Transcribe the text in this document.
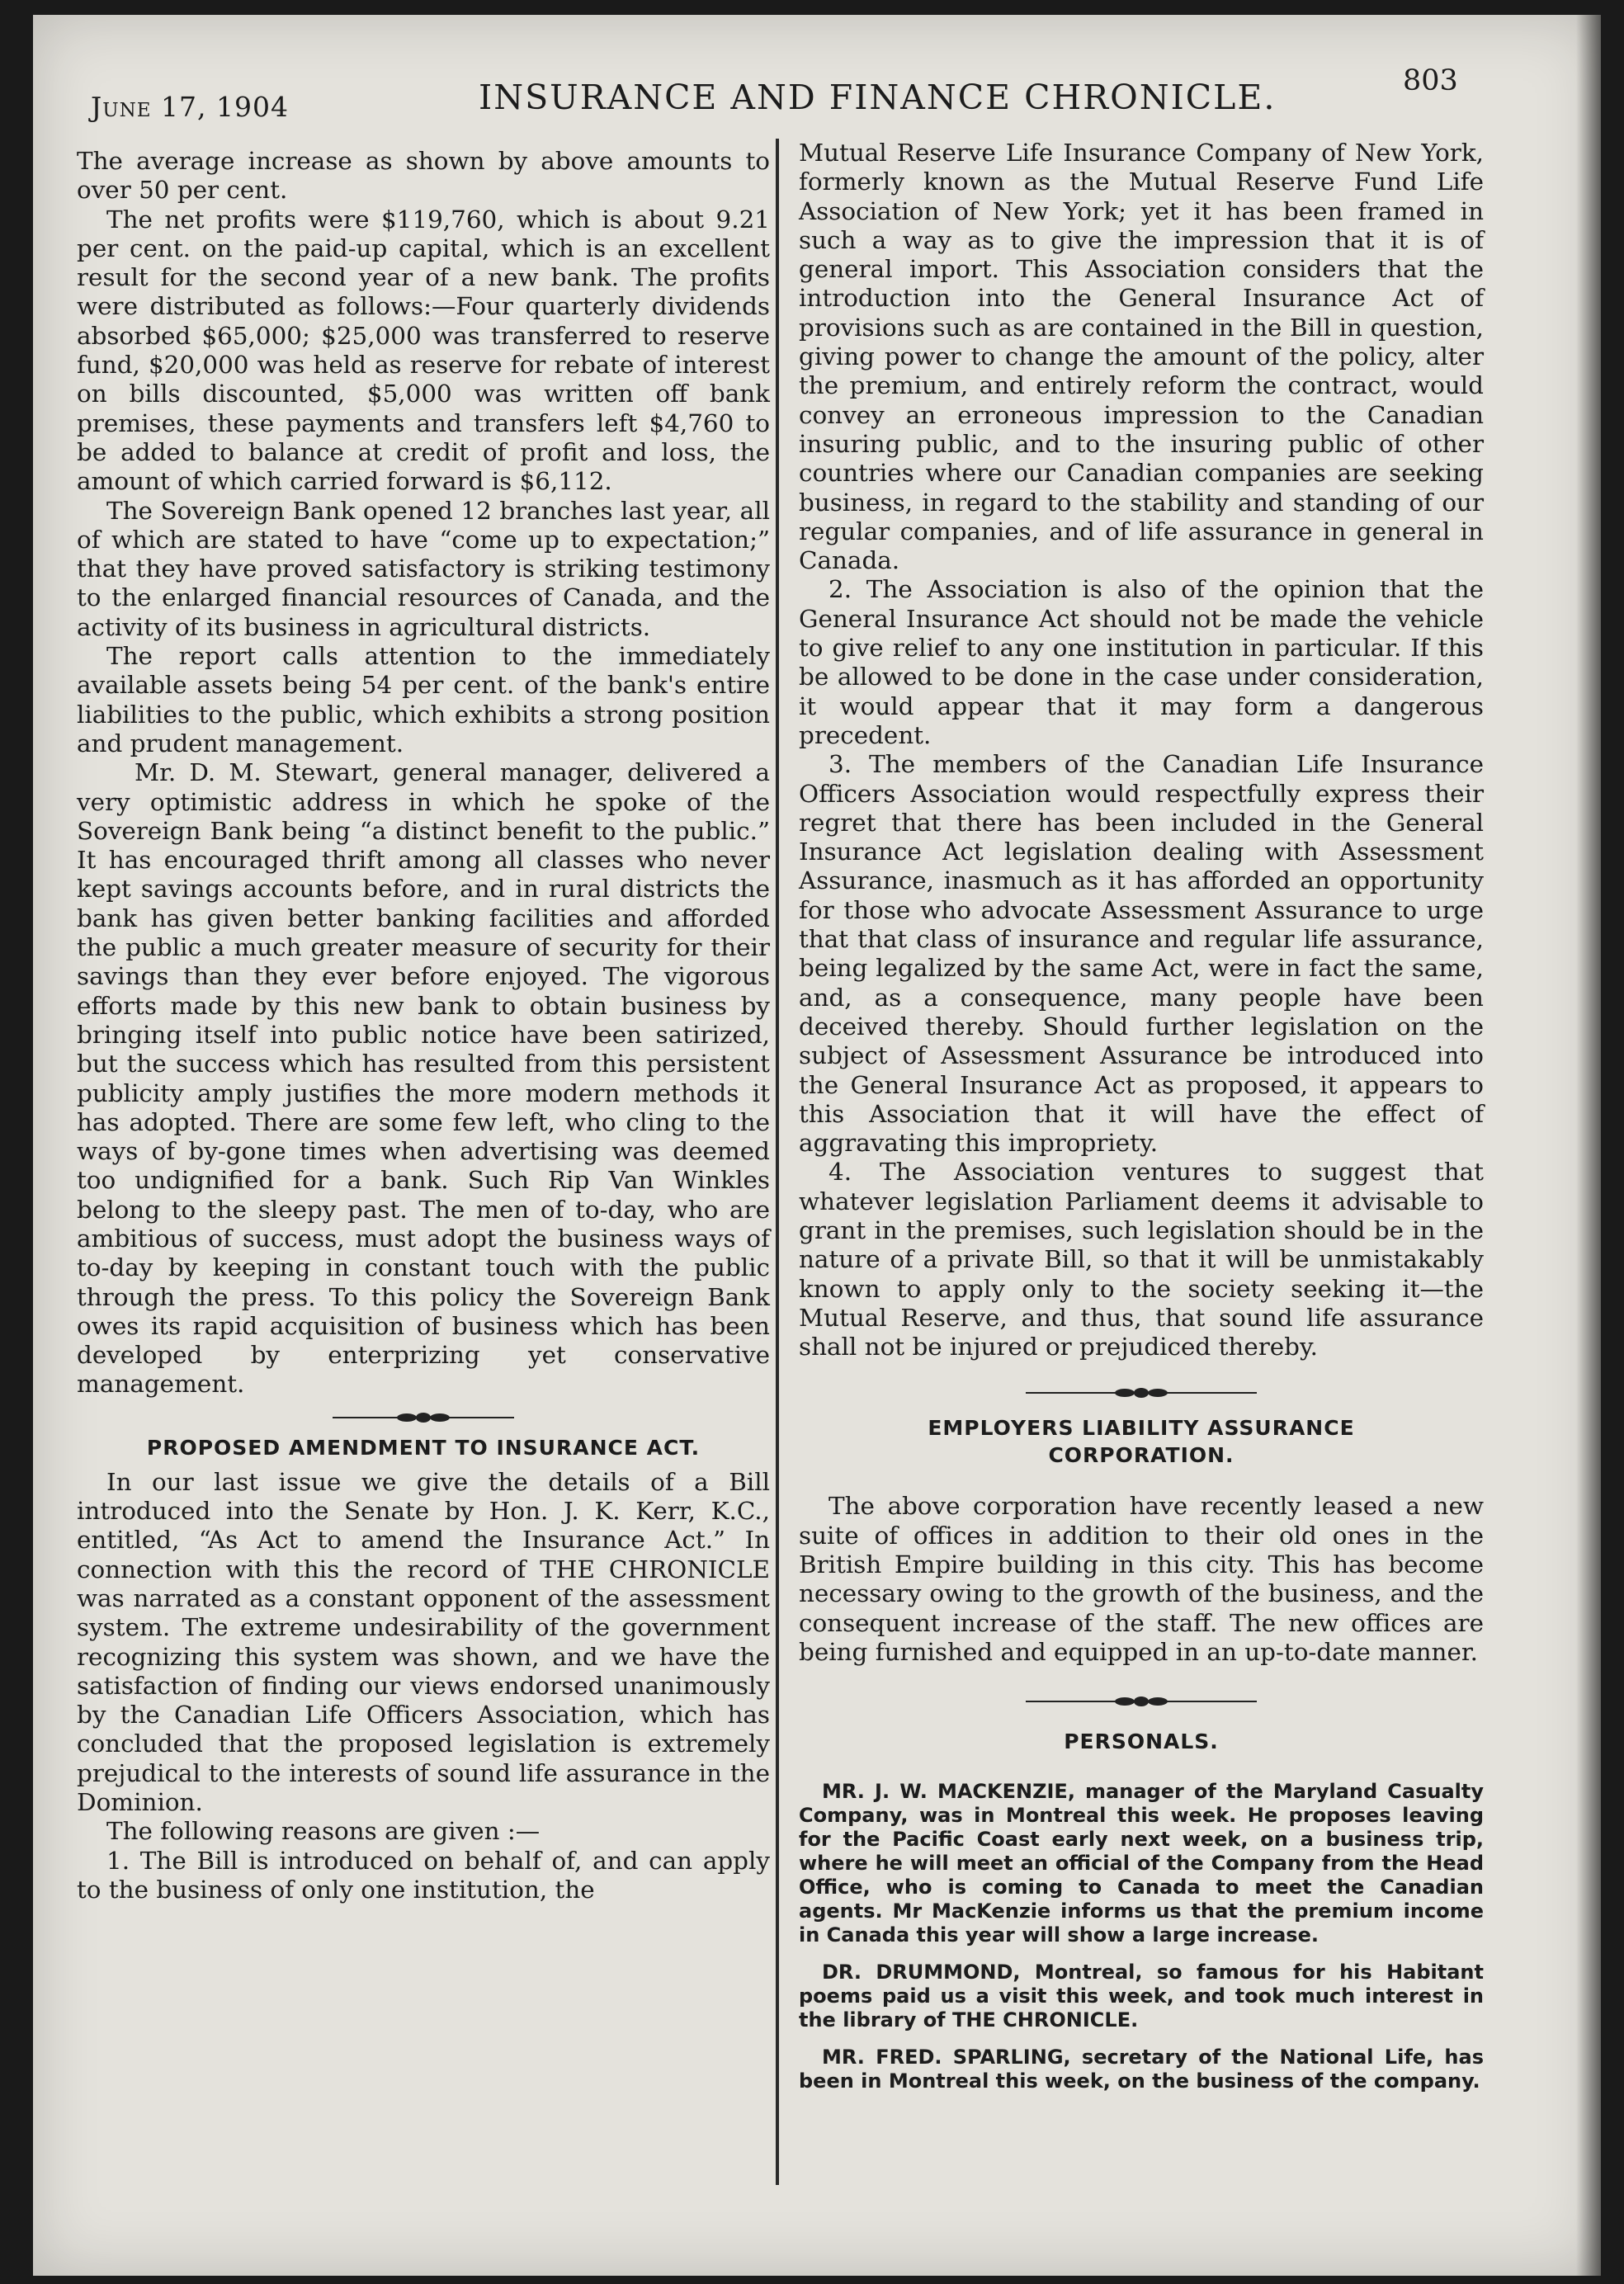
June 17, 1904	INSURANCE AND FINANCE CHRONICLE.	803

The average increase as shown by above amounts to over 50 per cent.

The net profits were $119,760, which is about 9.21 per cent. on the paid-up capital, which is an excellent result for the second year of a new bank. The profits were distributed as follows:—Four quarterly dividends absorbed $65,000; $25,000 was transferred to reserve fund, $20,000 was held as reserve for rebate of interest on bills discounted, $5,000 was written off bank premises, these payments and transfers left $4,760 to be added to balance at credit of profit and loss, the amount of which carried forward is $6,112.

The Sovereign Bank opened 12 branches last year, all of which are stated to have “come up to expectation;” that they have proved satisfactory is striking testimony to the enlarged financial resources of Canada, and the activity of its business in agricultural districts.

The report calls attention to the immediately available assets being 54 per cent. of the bank's entire liabilities to the public, which exhibits a strong position and prudent management.

Mr. D. M. Stewart, general manager, delivered a very optimistic address in which he spoke of the Sovereign Bank being “a distinct benefit to the public.” It has encouraged thrift among all classes who never kept savings accounts before, and in rural districts the bank has given better banking facilities and afforded the public a much greater measure of security for their savings than they ever before enjoyed. The vigorous efforts made by this new bank to obtain business by bringing itself into public notice have been satirized, but the success which has resulted from this persistent publicity amply justifies the more modern methods it has adopted. There are some few left, who cling to the ways of by-gone times when advertising was deemed too undignified for a bank. Such Rip Van Winkles belong to the sleepy past. The men of to-day, who are ambitious of success, must adopt the business ways of to-day by keeping in constant touch with the public through the press. To this policy the Sovereign Bank owes its rapid acquisition of business which has been developed by enterprizing yet conservative management.

PROPOSED AMENDMENT TO INSURANCE ACT.

In our last issue we give the details of a Bill introduced into the Senate by Hon. J. K. Kerr, K.C., entitled, “As Act to amend the Insurance Act.” In connection with this the record of THE CHRONICLE was narrated as a constant opponent of the assessment system. The extreme undesirability of the government recognizing this system was shown, and we have the satisfaction of finding our views endorsed unanimously by the Canadian Life Officers Association, which has concluded that the proposed legislation is extremely prejudical to the interests of sound life assurance in the Dominion.

The following reasons are given :—

1. The Bill is introduced on behalf of, and can apply to the business of only one institution, the

Mutual Reserve Life Insurance Company of New York, formerly known as the Mutual Reserve Fund Life Association of New York; yet it has been framed in such a way as to give the impression that it is of general import. This Association considers that the introduction into the General Insurance Act of provisions such as are contained in the Bill in question, giving power to change the amount of the policy, alter the premium, and entirely reform the contract, would convey an erroneous impression to the Canadian insuring public, and to the insuring public of other countries where our Canadian companies are seeking business, in regard to the stability and standing of our regular companies, and of life assurance in general in Canada.

2. The Association is also of the opinion that the General Insurance Act should not be made the vehicle to give relief to any one institution in particular. If this be allowed to be done in the case under consideration, it would appear that it may form a dangerous precedent.

3. The members of the Canadian Life Insurance Officers Association would respectfully express their regret that there has been included in the General Insurance Act legislation dealing with Assessment Assurance, inasmuch as it has afforded an opportunity for those who advocate Assessment Assurance to urge that that class of insurance and regular life assurance, being legalized by the same Act, were in fact the same, and, as a consequence, many people have been deceived thereby. Should further legislation on the subject of Assessment Assurance be introduced into the General Insurance Act as proposed, it appears to this Association that it will have the effect of aggravating this impropriety.

4. The Association ventures to suggest that whatever legislation Parliament deems it advisable to grant in the premises, such legislation should be in the nature of a private Bill, so that it will be unmistakably known to apply only to the society seeking it—the Mutual Reserve, and thus, that sound life assurance shall not be injured or prejudiced thereby.

EMPLOYERS LIABILITY ASSURANCE
CORPORATION.

The above corporation have recently leased a new suite of offices in addition to their old ones in the British Empire building in this city. This has become necessary owing to the growth of the business, and the consequent increase of the staff. The new offices are being furnished and equipped in an up-to-date manner.

PERSONALS.

MR. J. W. MACKENZIE, manager of the Maryland Casualty Company, was in Montreal this week. He proposes leaving for the Pacific Coast early next week, on a business trip, where he will meet an official of the Company from the Head Office, who is coming to Canada to meet the Canadian agents. Mr MacKenzie informs us that the premium income in Canada this year will show a large increase.

DR. DRUMMOND, Montreal, so famous for his Habitant poems paid us a visit this week, and took much interest in the library of THE CHRONICLE.

MR. FRED. SPARLING, secretary of the National Life, has been in Montreal this week, on the business of the company.
